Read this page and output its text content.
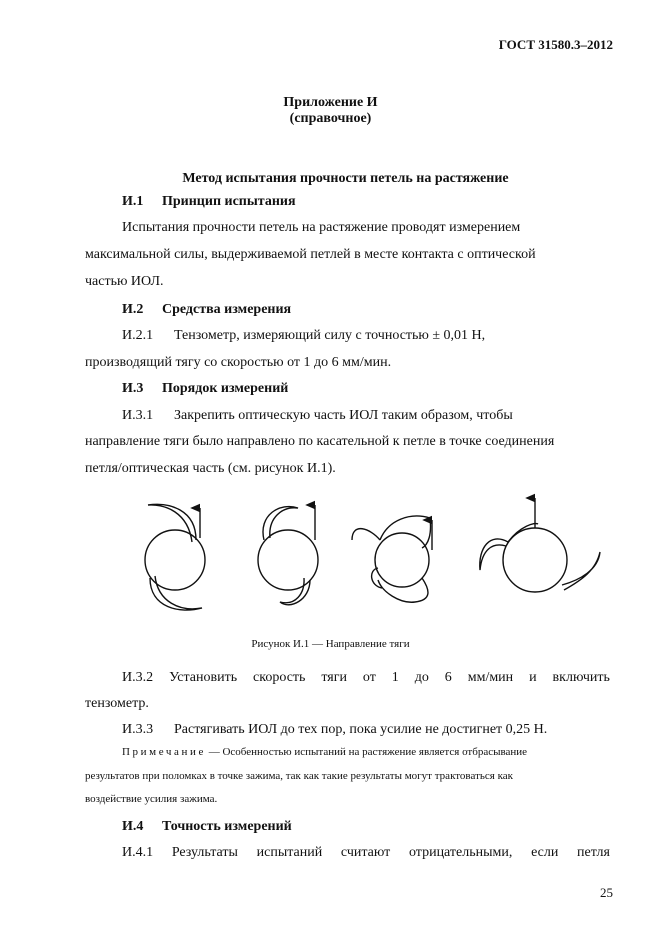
ГОСТ 31580.3–2012
Приложение И
(справочное)
Метод испытания прочности петель на растяжение
И.1 Принцип испытания
Испытания прочности петель на растяжение проводят измерением
максимальной силы, выдерживаемой петлей в месте контакта с оптической
частью ИОЛ.
И.2 Средства измерения
И.2.1 Тензометр, измеряющий силу с точностью ± 0,01 Н,
производящий тягу со скоростью от 1 до 6 мм/мин.
И.3 Порядок измерений
И.3.1 Закрепить оптическую часть ИОЛ таким образом, чтобы
направление тяги было направлено по касательной к петле в точке соединения
петля/оптическая часть (см. рисунок И.1).
Рисунок И.1 — Направление тяги
И.3.2 Установить скорость тяги от 1 до 6 мм/мин и включить
тензометр.
И.3.3 Растягивать ИОЛ до тех пор, пока усилие не достигнет 0,25 Н.
Примечание — Особенностью испытаний на растяжение является отбрасывание
результатов при поломках в точке зажима, так как такие результаты могут трактоваться как
воздействие усилия зажима.
И.4 Точность измерений
И.4.1 Результаты испытаний считают отрицательными, если петля
25
